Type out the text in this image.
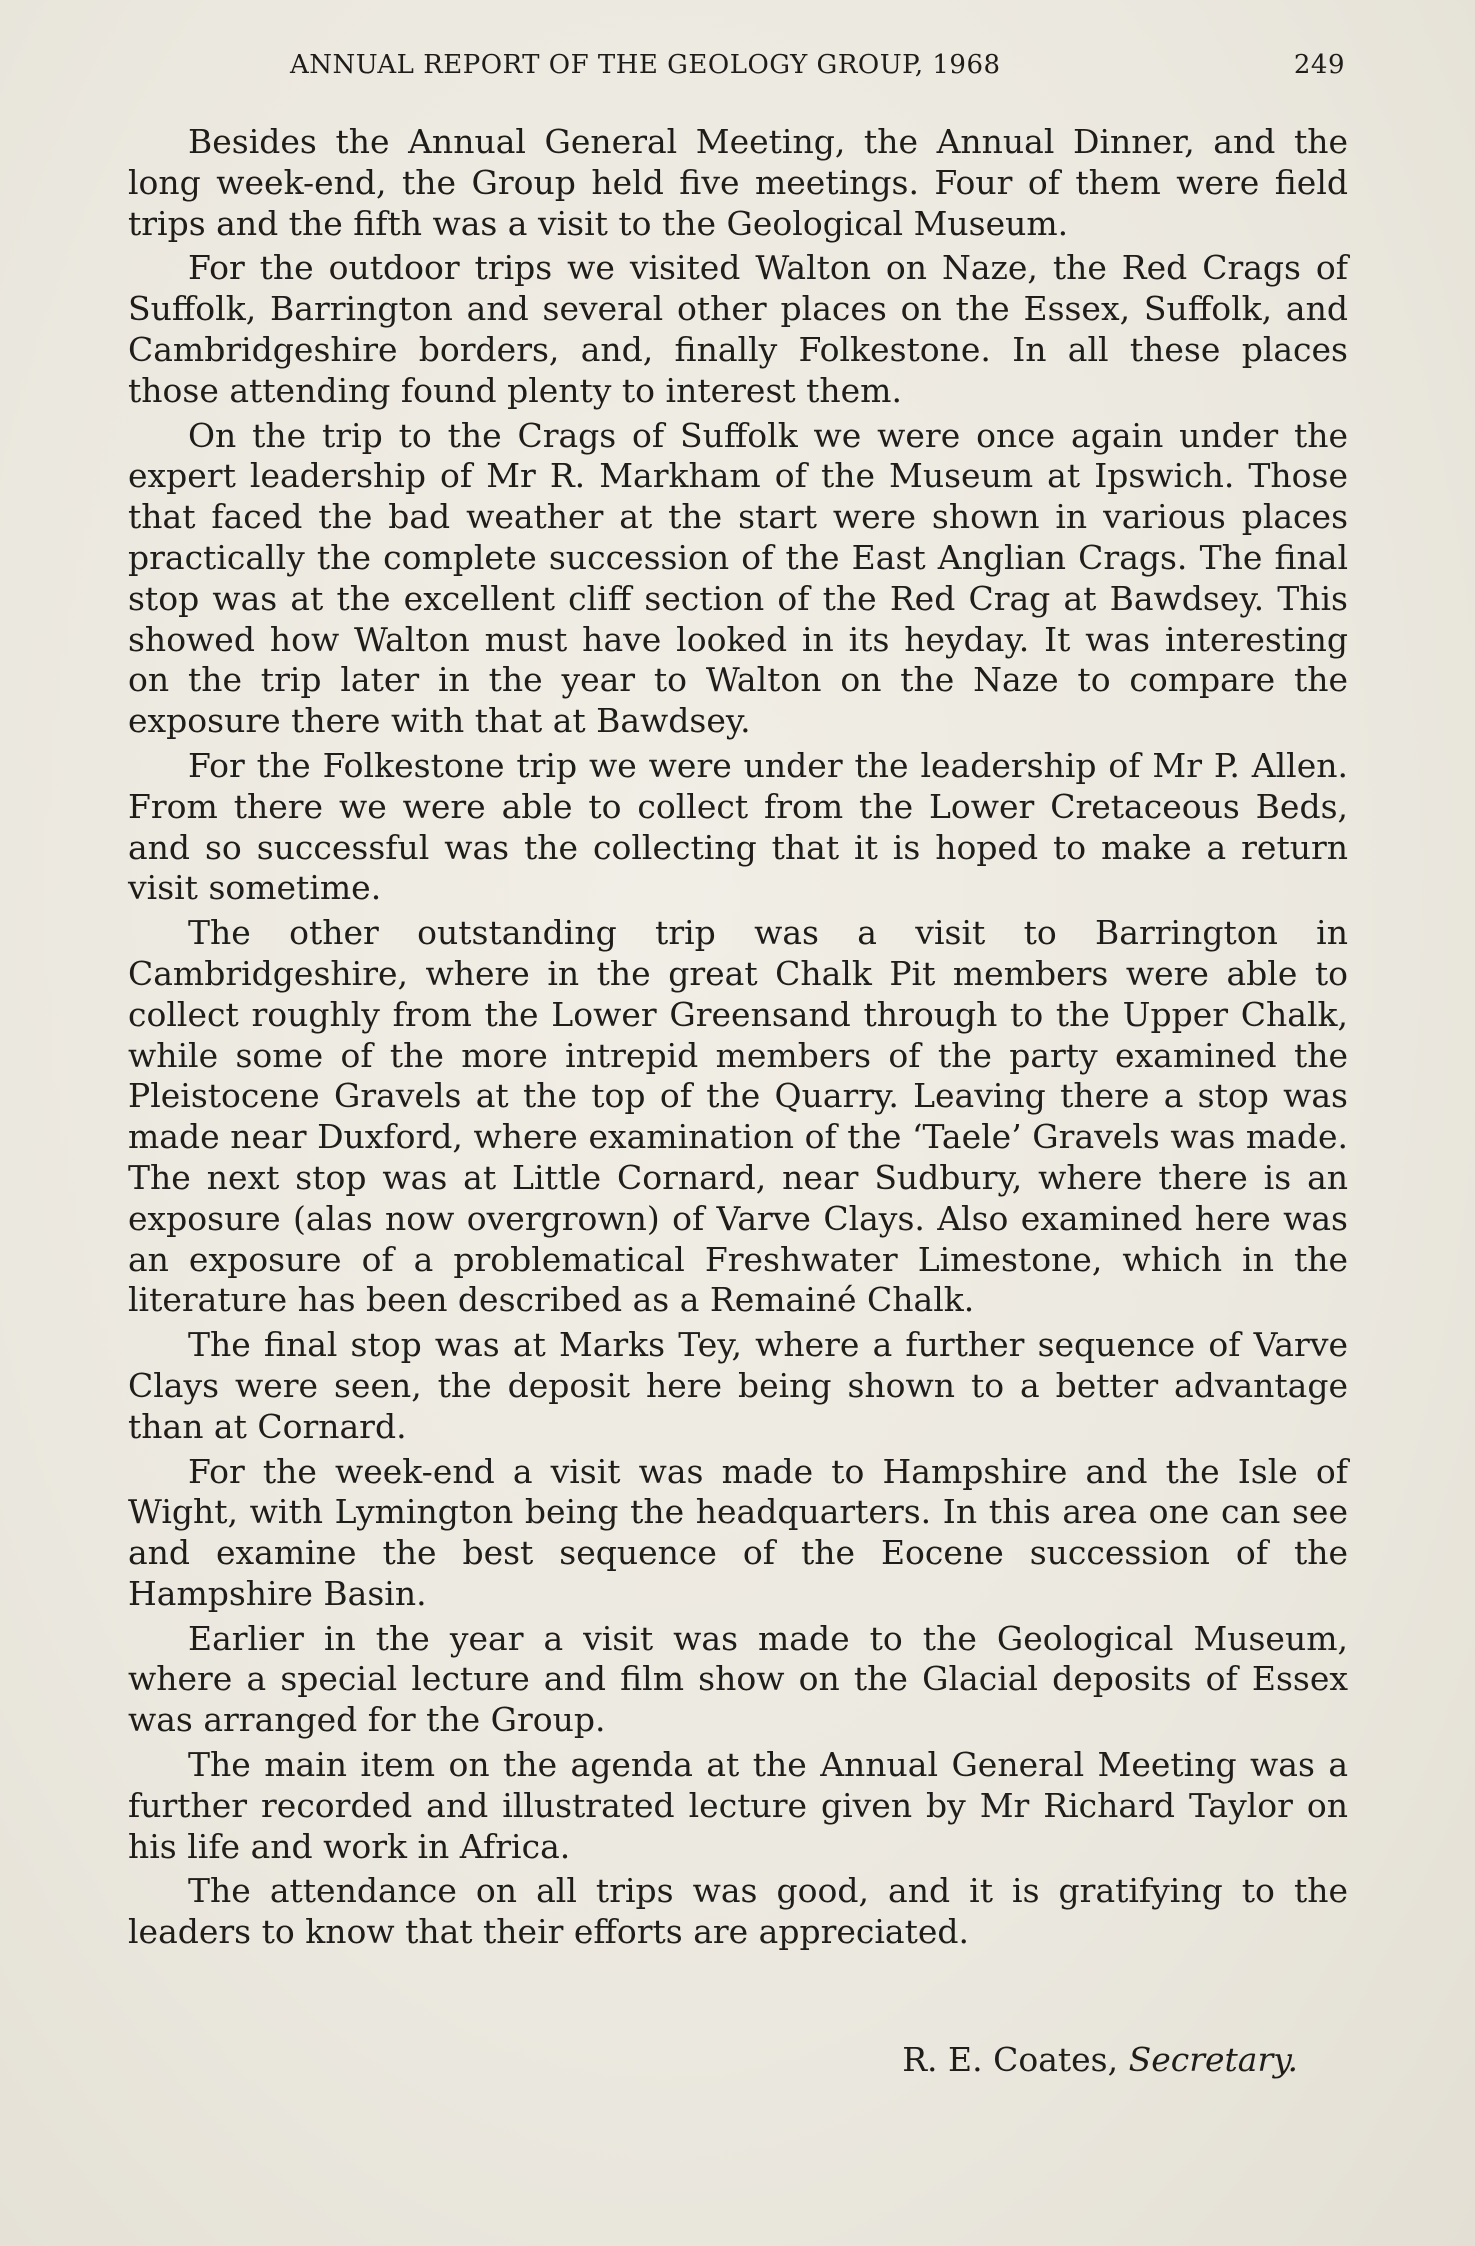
ANNUAL REPORT OF THE GEOLOGY GROUP, 1968	249

Besides the Annual General Meeting, the Annual Dinner, and the long week-end, the Group held five meetings. Four of them were field trips and the fifth was a visit to the Geological Museum.

For the outdoor trips we visited Walton on Naze, the Red Crags of Suffolk, Barrington and several other places on the Essex, Suffolk, and Cambridgeshire borders, and, finally Folkestone. In all these places those attending found plenty to interest them.

On the trip to the Crags of Suffolk we were once again under the expert leadership of Mr R. Markham of the Museum at Ipswich. Those that faced the bad weather at the start were shown in various places practically the complete succession of the East Anglian Crags. The final stop was at the excellent cliff section of the Red Crag at Bawdsey. This showed how Walton must have looked in its heyday. It was interesting on the trip later in the year to Walton on the Naze to compare the exposure there with that at Bawdsey.

For the Folkestone trip we were under the leadership of Mr P. Allen. From there we were able to collect from the Lower Cretaceous Beds, and so successful was the collecting that it is hoped to make a return visit sometime.

The other outstanding trip was a visit to Barrington in Cambridgeshire, where in the great Chalk Pit members were able to collect roughly from the Lower Greensand through to the Upper Chalk, while some of the more intrepid members of the party examined the Pleistocene Gravels at the top of the Quarry. Leaving there a stop was made near Duxford, where examination of the ‘Taele’ Gravels was made. The next stop was at Little Cornard, near Sudbury, where there is an exposure (alas now overgrown) of Varve Clays. Also examined here was an exposure of a problematical Freshwater Limestone, which in the literature has been described as a Remainé Chalk.

The final stop was at Marks Tey, where a further sequence of Varve Clays were seen, the deposit here being shown to a better advantage than at Cornard.

For the week-end a visit was made to Hampshire and the Isle of Wight, with Lymington being the headquarters. In this area one can see and examine the best sequence of the Eocene succession of the Hampshire Basin.

Earlier in the year a visit was made to the Geological Museum, where a special lecture and film show on the Glacial deposits of Essex was arranged for the Group.

The main item on the agenda at the Annual General Meeting was a further recorded and illustrated lecture given by Mr Richard Taylor on his life and work in Africa.

The attendance on all trips was good, and it is gratifying to the leaders to know that their efforts are appreciated.

R. E. Coates, Secretary.
